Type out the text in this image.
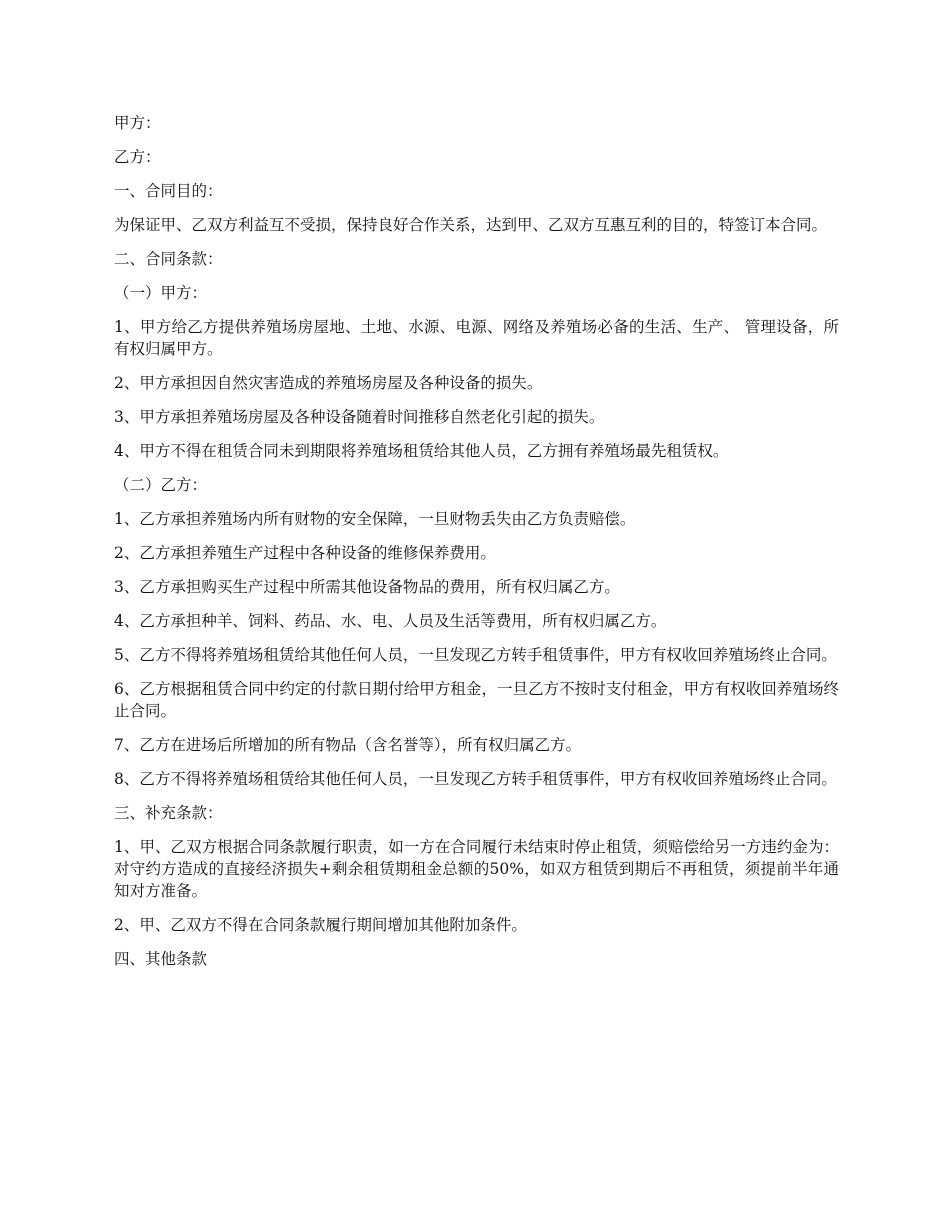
甲方：

乙方：

一、合同目的：

为保证甲、乙双方利益互不受损，保持良好合作关系，达到甲、乙双方互惠互利的目的，特签订本合同。

二、合同条款：

（一）甲方：

1、甲方给乙方提供养殖场房屋地、土地、水源、电源、网络及养殖场必备的生活、生产、 管理设备，所有权归属甲方。

2、甲方承担因自然灾害造成的养殖场房屋及各种设备的损失。

3、甲方承担养殖场房屋及各种设备随着时间推移自然老化引起的损失。

4、甲方不得在租赁合同未到期限将养殖场租赁给其他人员，乙方拥有养殖场最先租赁权。

（二）乙方：

1、乙方承担养殖场内所有财物的安全保障，一旦财物丢失由乙方负责赔偿。

2、乙方承担养殖生产过程中各种设备的维修保养费用。

3、乙方承担购买生产过程中所需其他设备物品的费用，所有权归属乙方。

4、乙方承担种羊、饲料、药品、水、电、人员及生活等费用，所有权归属乙方。

5、乙方不得将养殖场租赁给其他任何人员，一旦发现乙方转手租赁事件，甲方有权收回养殖场终止合同。

6、乙方根据租赁合同中约定的付款日期付给甲方租金，一旦乙方不按时支付租金，甲方有权收回养殖场终止合同。

7、乙方在进场后所增加的所有物品（含名誉等），所有权归属乙方。

8、乙方不得将养殖场租赁给其他任何人员，一旦发现乙方转手租赁事件，甲方有权收回养殖场终止合同。

三、补充条款：

1、甲、乙双方根据合同条款履行职责，如一方在合同履行未结束时停止租赁，须赔偿给另一方违约金为：对守约方造成的直接经济损失+剩余租赁期租金总额的50%，如双方租赁到期后不再租赁，须提前半年通知对方准备。

2、甲、乙双方不得在合同条款履行期间增加其他附加条件。

四、其他条款
